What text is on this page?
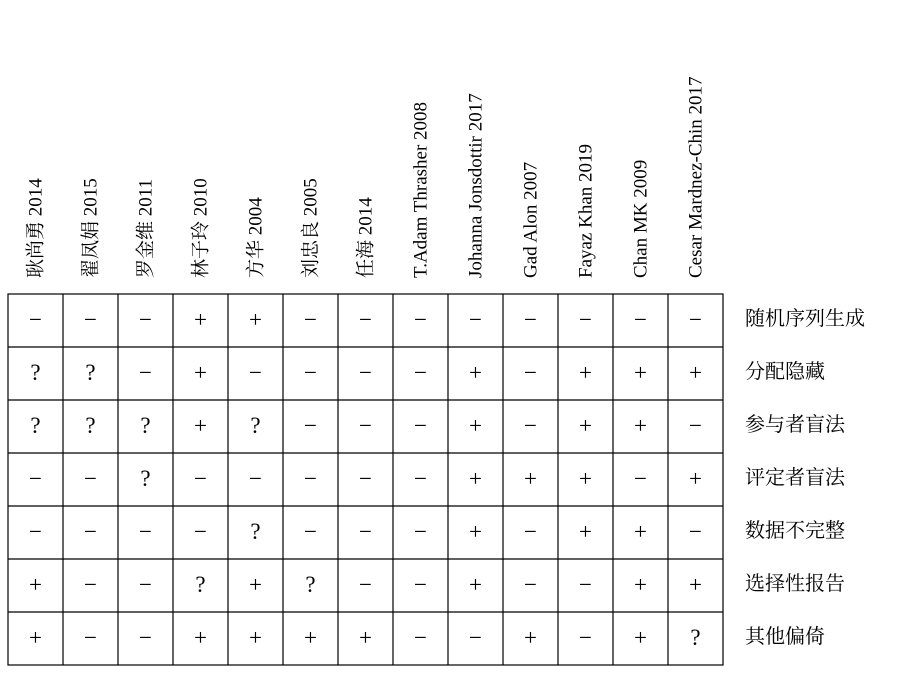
耿尚勇 2014 翟凤娟 2015 罗金维 2011 林子玲 2010 方华 2004 刘忠良 2005 任海 2014 T.Adam Thrasher 2008 Johanna Jonsdottir 2017 Gad Alon 2007 Fayaz Khan 2019 Chan MK 2009 Cesar Mardnez-Chin 2017
− − − + + − − − − − − − −
? ? − + − − − − + − + + +
? ? ? + ? − − − + − + + −
− − ? − − − − − + + + − +
− − − − ? − − − + − + + −
+ − − ? + ? − − + − − + +
+ − − + + + + − − + − + ?
随机序列生成
分配隐藏
参与者盲法
评定者盲法
数据不完整
选择性报告
其他偏倚
